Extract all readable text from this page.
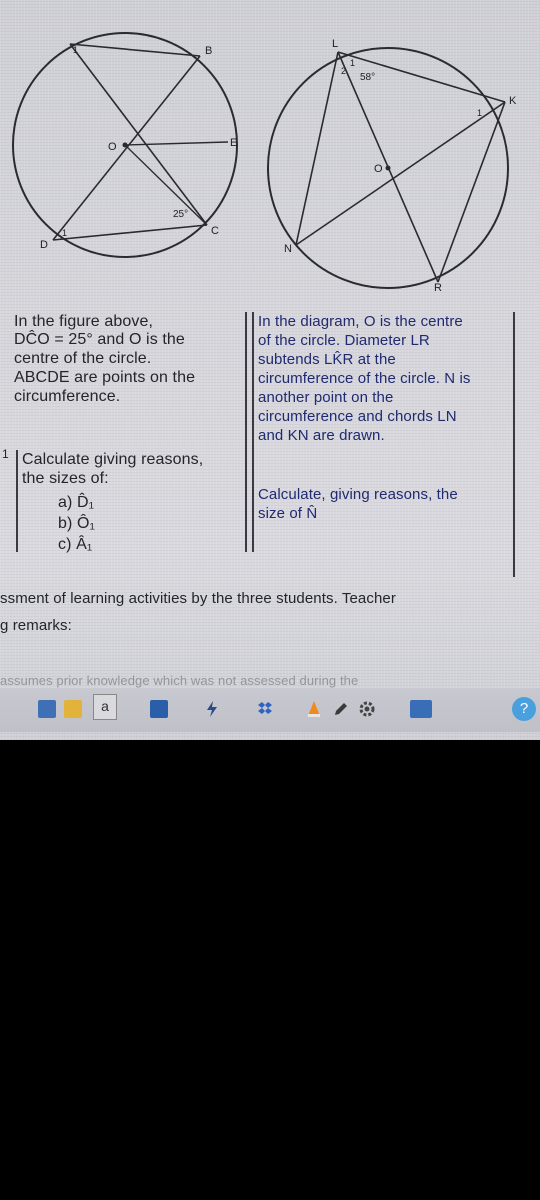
1	B
C
D
E
O
1
25°
L
K
R
N
O
58°
2
1
1
In the figure above,
DĈO = 25° and O is the
centre of the circle.
ABCDE are points on the
circumference.
1 Calculate giving reasons,
the sizes of:
a) D̂₁
b) Ô₁
c) Â₁
In the diagram, O is the centre
of the circle. Diameter LR
subtends LK̂R at the
circumference of the circle. N is
another point on the
circumference and chords LN
and KN are drawn.
Calculate, giving reasons, the
size of N̂
ssment of learning activities by the three students. Teacher
g remarks:
assumes prior knowledge which was not assessed during the
a	?
